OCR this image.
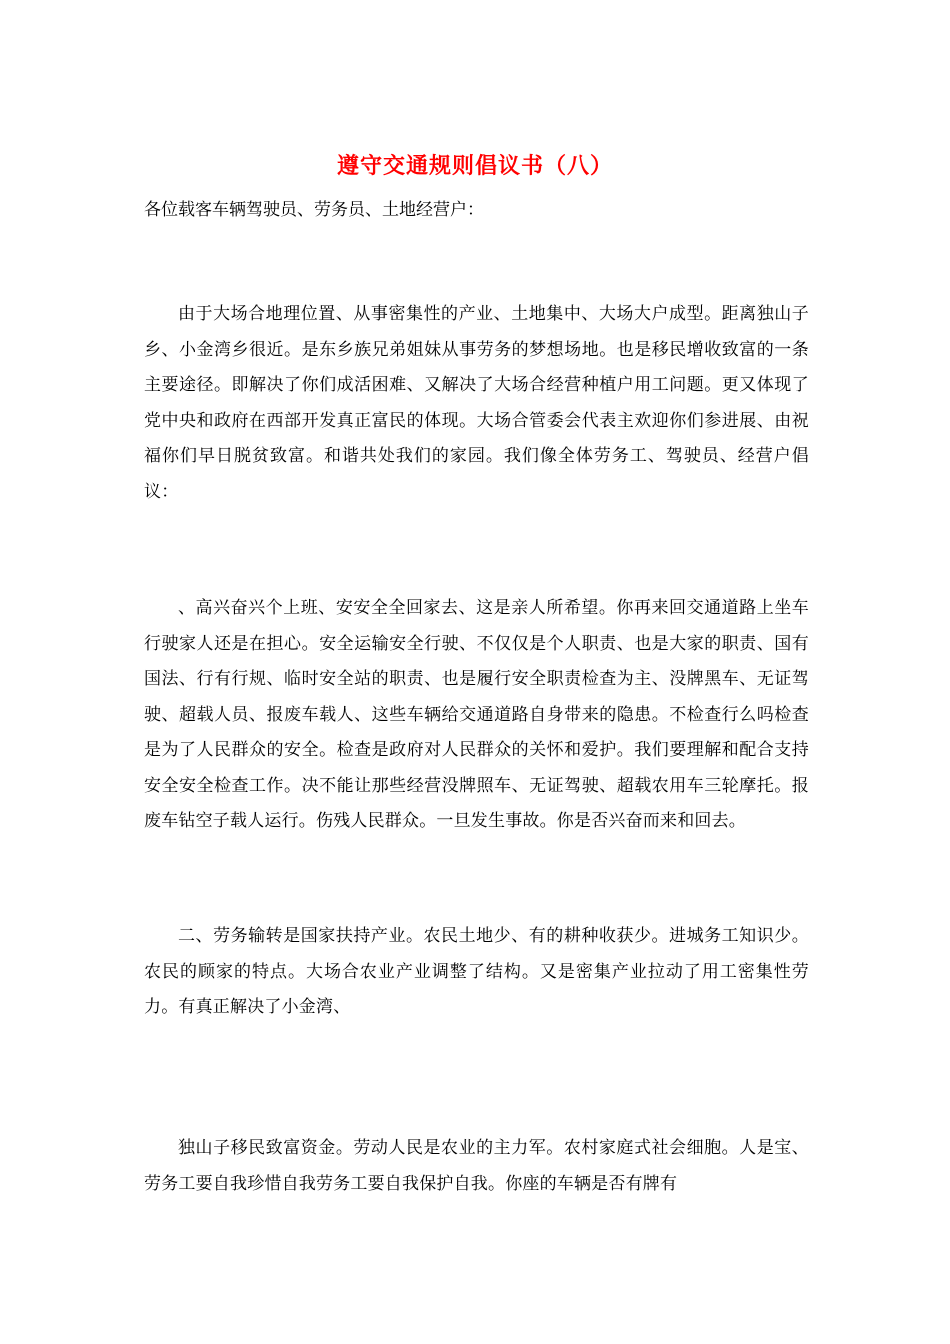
遵守交通规则倡议书（八）
各位载客车辆驾驶员、劳务员、土地经营户：
由于大场合地理位置、从事密集性的产业、土地集中、大场大户成型。距离独山子乡、小金湾乡很近。是东乡族兄弟姐妹从事劳务的梦想场地。也是移民增收致富的一条主要途径。即解决了你们成活困难、又解决了大场合经营种植户用工问题。更又体现了党中央和政府在西部开发真正富民的体现。大场合管委会代表主欢迎你们参进展、由祝福你们早日脱贫致富。和谐共处我们的家园。我们像全体劳务工、驾驶员、经营户倡议：
、高兴奋兴个上班、安安全全回家去、这是亲人所希望。你再来回交通道路上坐车行驶家人还是在担心。安全运输安全行驶、不仅仅是个人职责、也是大家的职责、国有国法、行有行规、临时安全站的职责、也是履行安全职责检查为主、没牌黑车、无证驾驶、超载人员、报废车载人、这些车辆给交通道路自身带来的隐患。不检查行么吗检查是为了人民群众的安全。检查是政府对人民群众的关怀和爱护。我们要理解和配合支持安全安全检查工作。决不能让那些经营没牌照车、无证驾驶、超载农用车三轮摩托。报废车钻空子载人运行。伤残人民群众。一旦发生事故。你是否兴奋而来和回去。
二、劳务输转是国家扶持产业。农民土地少、有的耕种收获少。进城务工知识少。农民的顾家的特点。大场合农业产业调整了结构。又是密集产业拉动了用工密集性劳力。有真正解决了小金湾、
独山子移民致富资金。劳动人民是农业的主力军。农村家庭式社会细胞。人是宝、劳务工要自我珍惜自我劳务工要自我保护自我。你座的车辆是否有牌有
